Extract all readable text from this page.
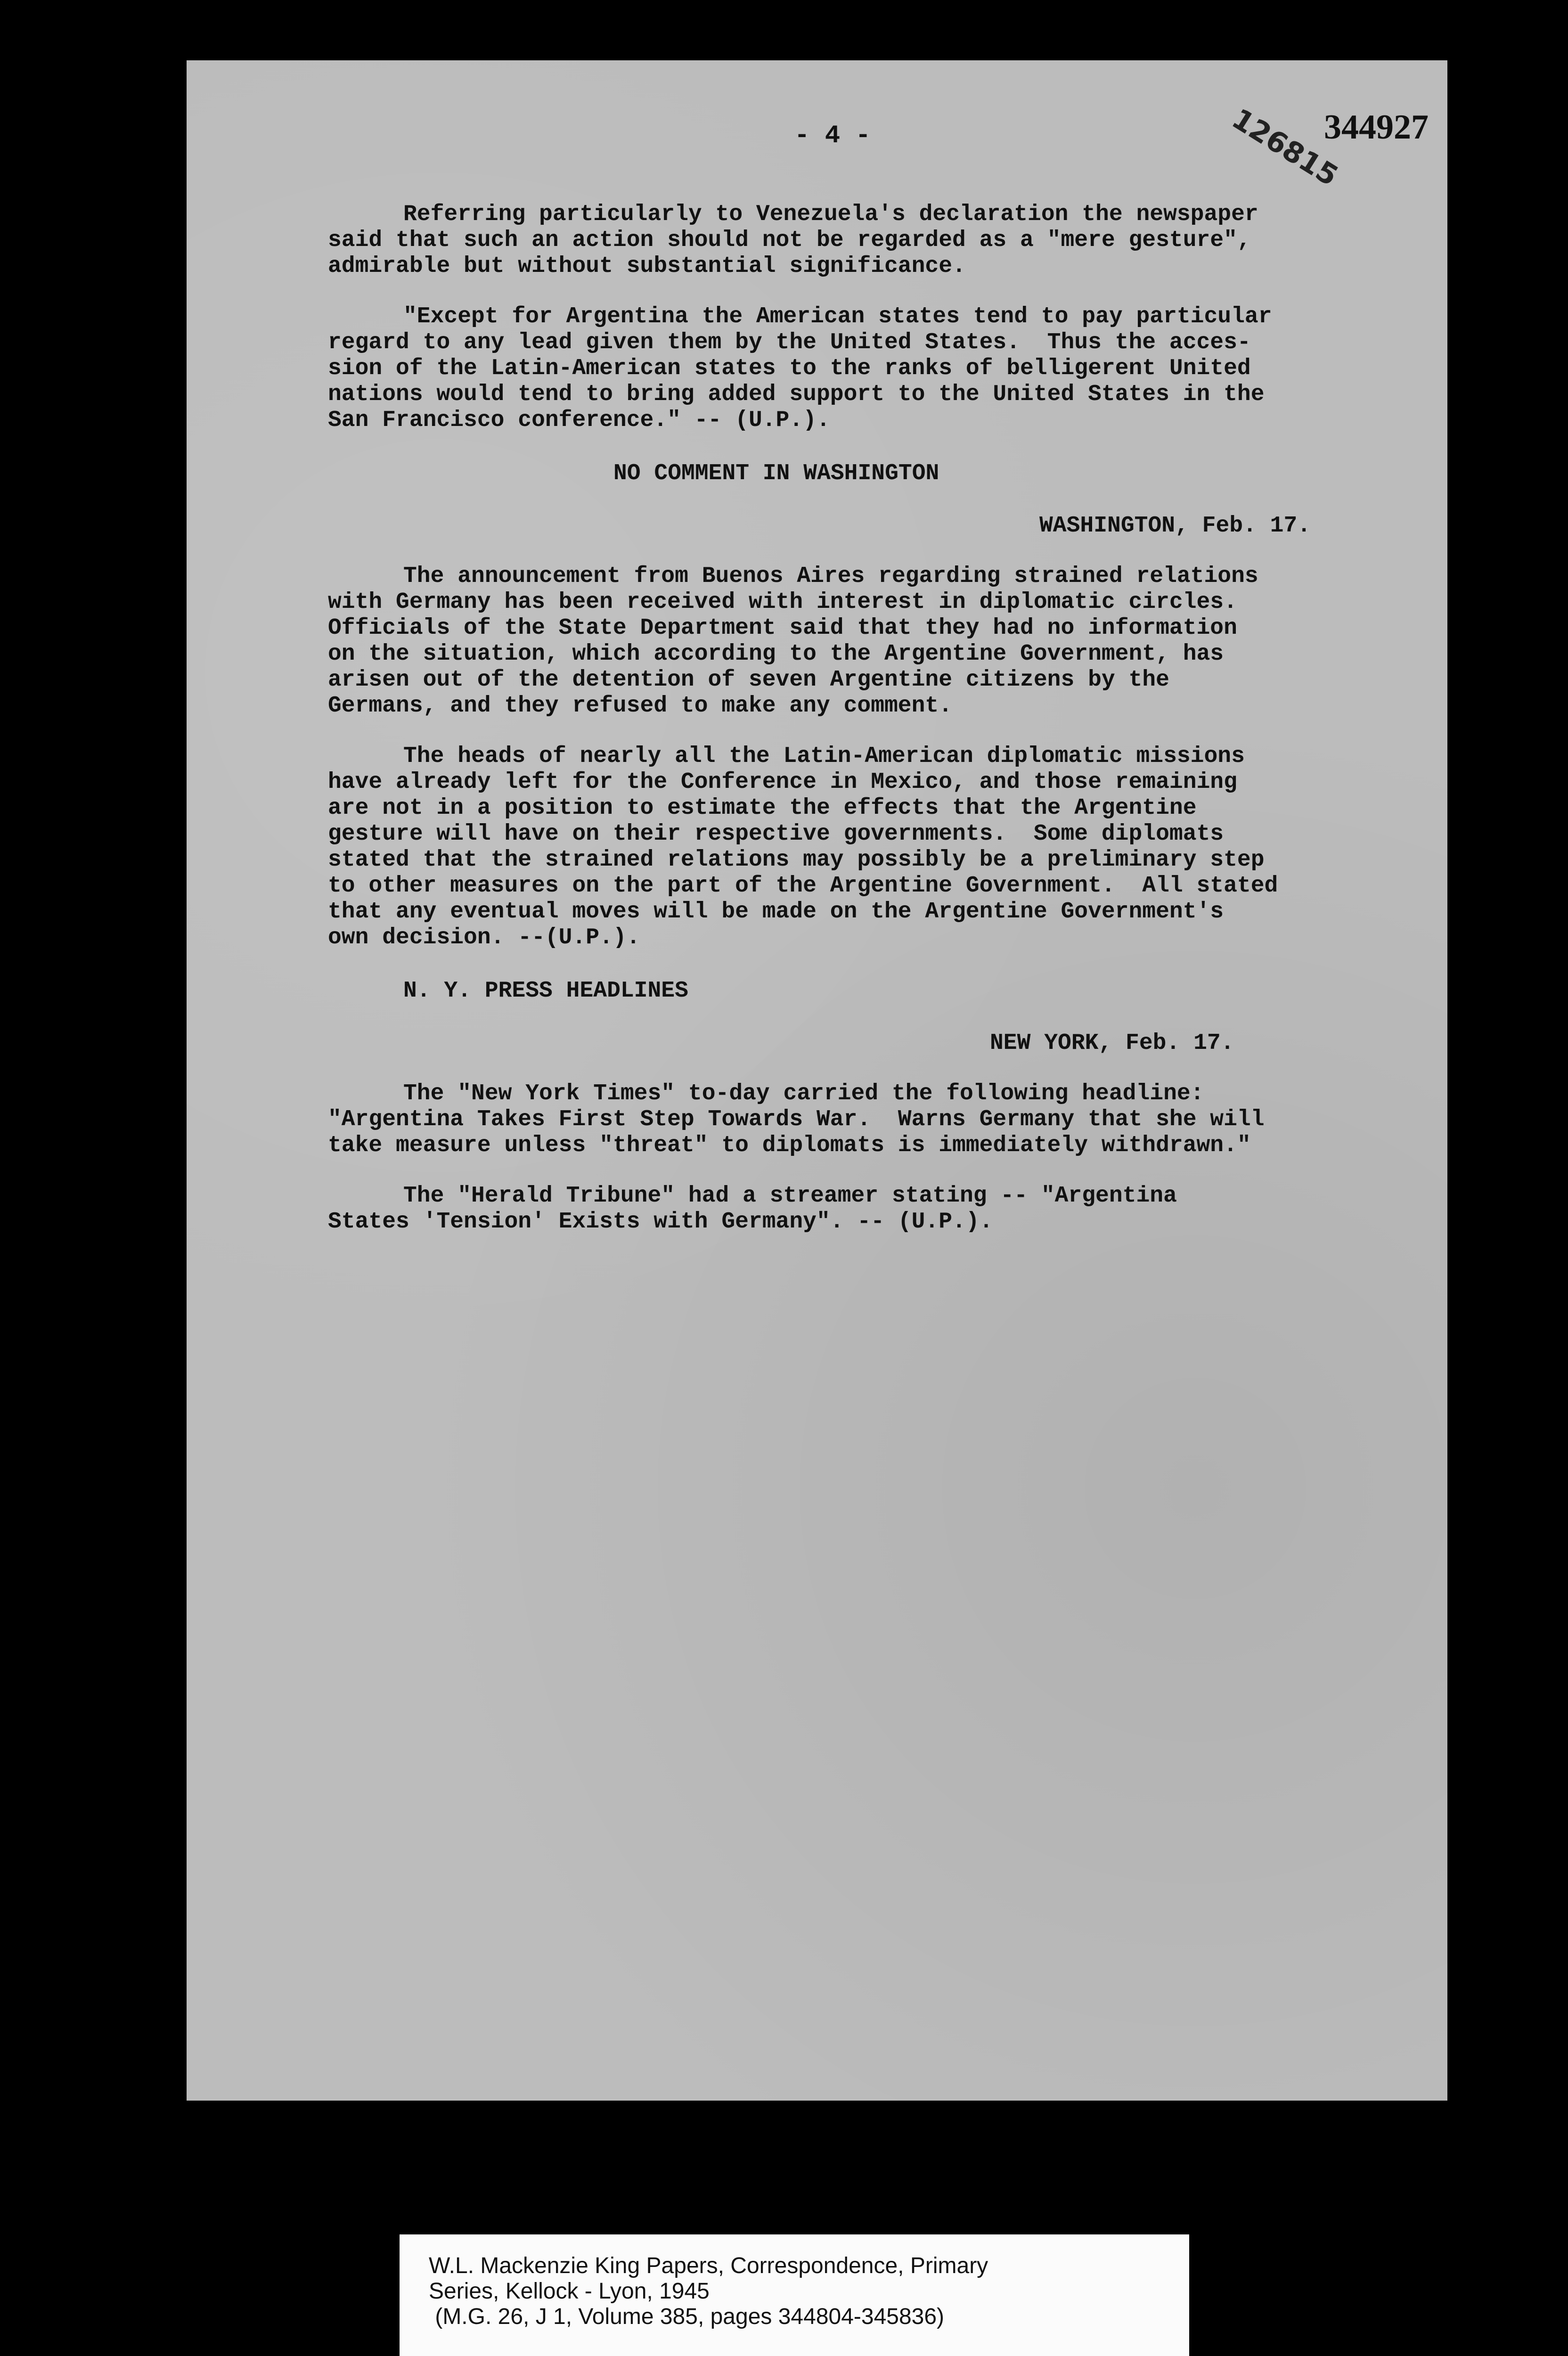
- 4 -	126815
344927

Referring particularly to Venezuela's declaration the newspaper
said that such an action should not be regarded as a "mere gesture",
admirable but without substantial significance.

"Except for Argentina the American states tend to pay particular
regard to any lead given them by the United States.  Thus the acces-
sion of the Latin-American states to the ranks of belligerent United
nations would tend to bring added support to the United States in the
San Francisco conference." -- (U.P.).

NO COMMENT IN WASHINGTON
WASHINGTON, Feb. 17.

The announcement from Buenos Aires regarding strained relations
with Germany has been received with interest in diplomatic circles.
Officials of the State Department said that they had no information
on the situation, which according to the Argentine Government, has
arisen out of the detention of seven Argentine citizens by the
Germans, and they refused to make any comment.

The heads of nearly all the Latin-American diplomatic missions
have already left for the Conference in Mexico, and those remaining
are not in a position to estimate the effects that the Argentine
gesture will have on their respective governments.  Some diplomats
stated that the strained relations may possibly be a preliminary step
to other measures on the part of the Argentine Government.  All stated
that any eventual moves will be made on the Argentine Government's
own decision. --(U.P.).

N. Y. PRESS HEADLINES
NEW YORK, Feb. 17.

The "New York Times" to-day carried the following headline:
"Argentina Takes First Step Towards War.  Warns Germany that she will
take measure unless "threat" to diplomats is immediately withdrawn."

The "Herald Tribune" had a streamer stating -- "Argentina
States 'Tension' Exists with Germany". -- (U.P.).

W.L. Mackenzie King Papers, Correspondence, Primary
Series, Kellock - Lyon, 1945
(M.G. 26, J 1, Volume 385, pages 344804-345836)
